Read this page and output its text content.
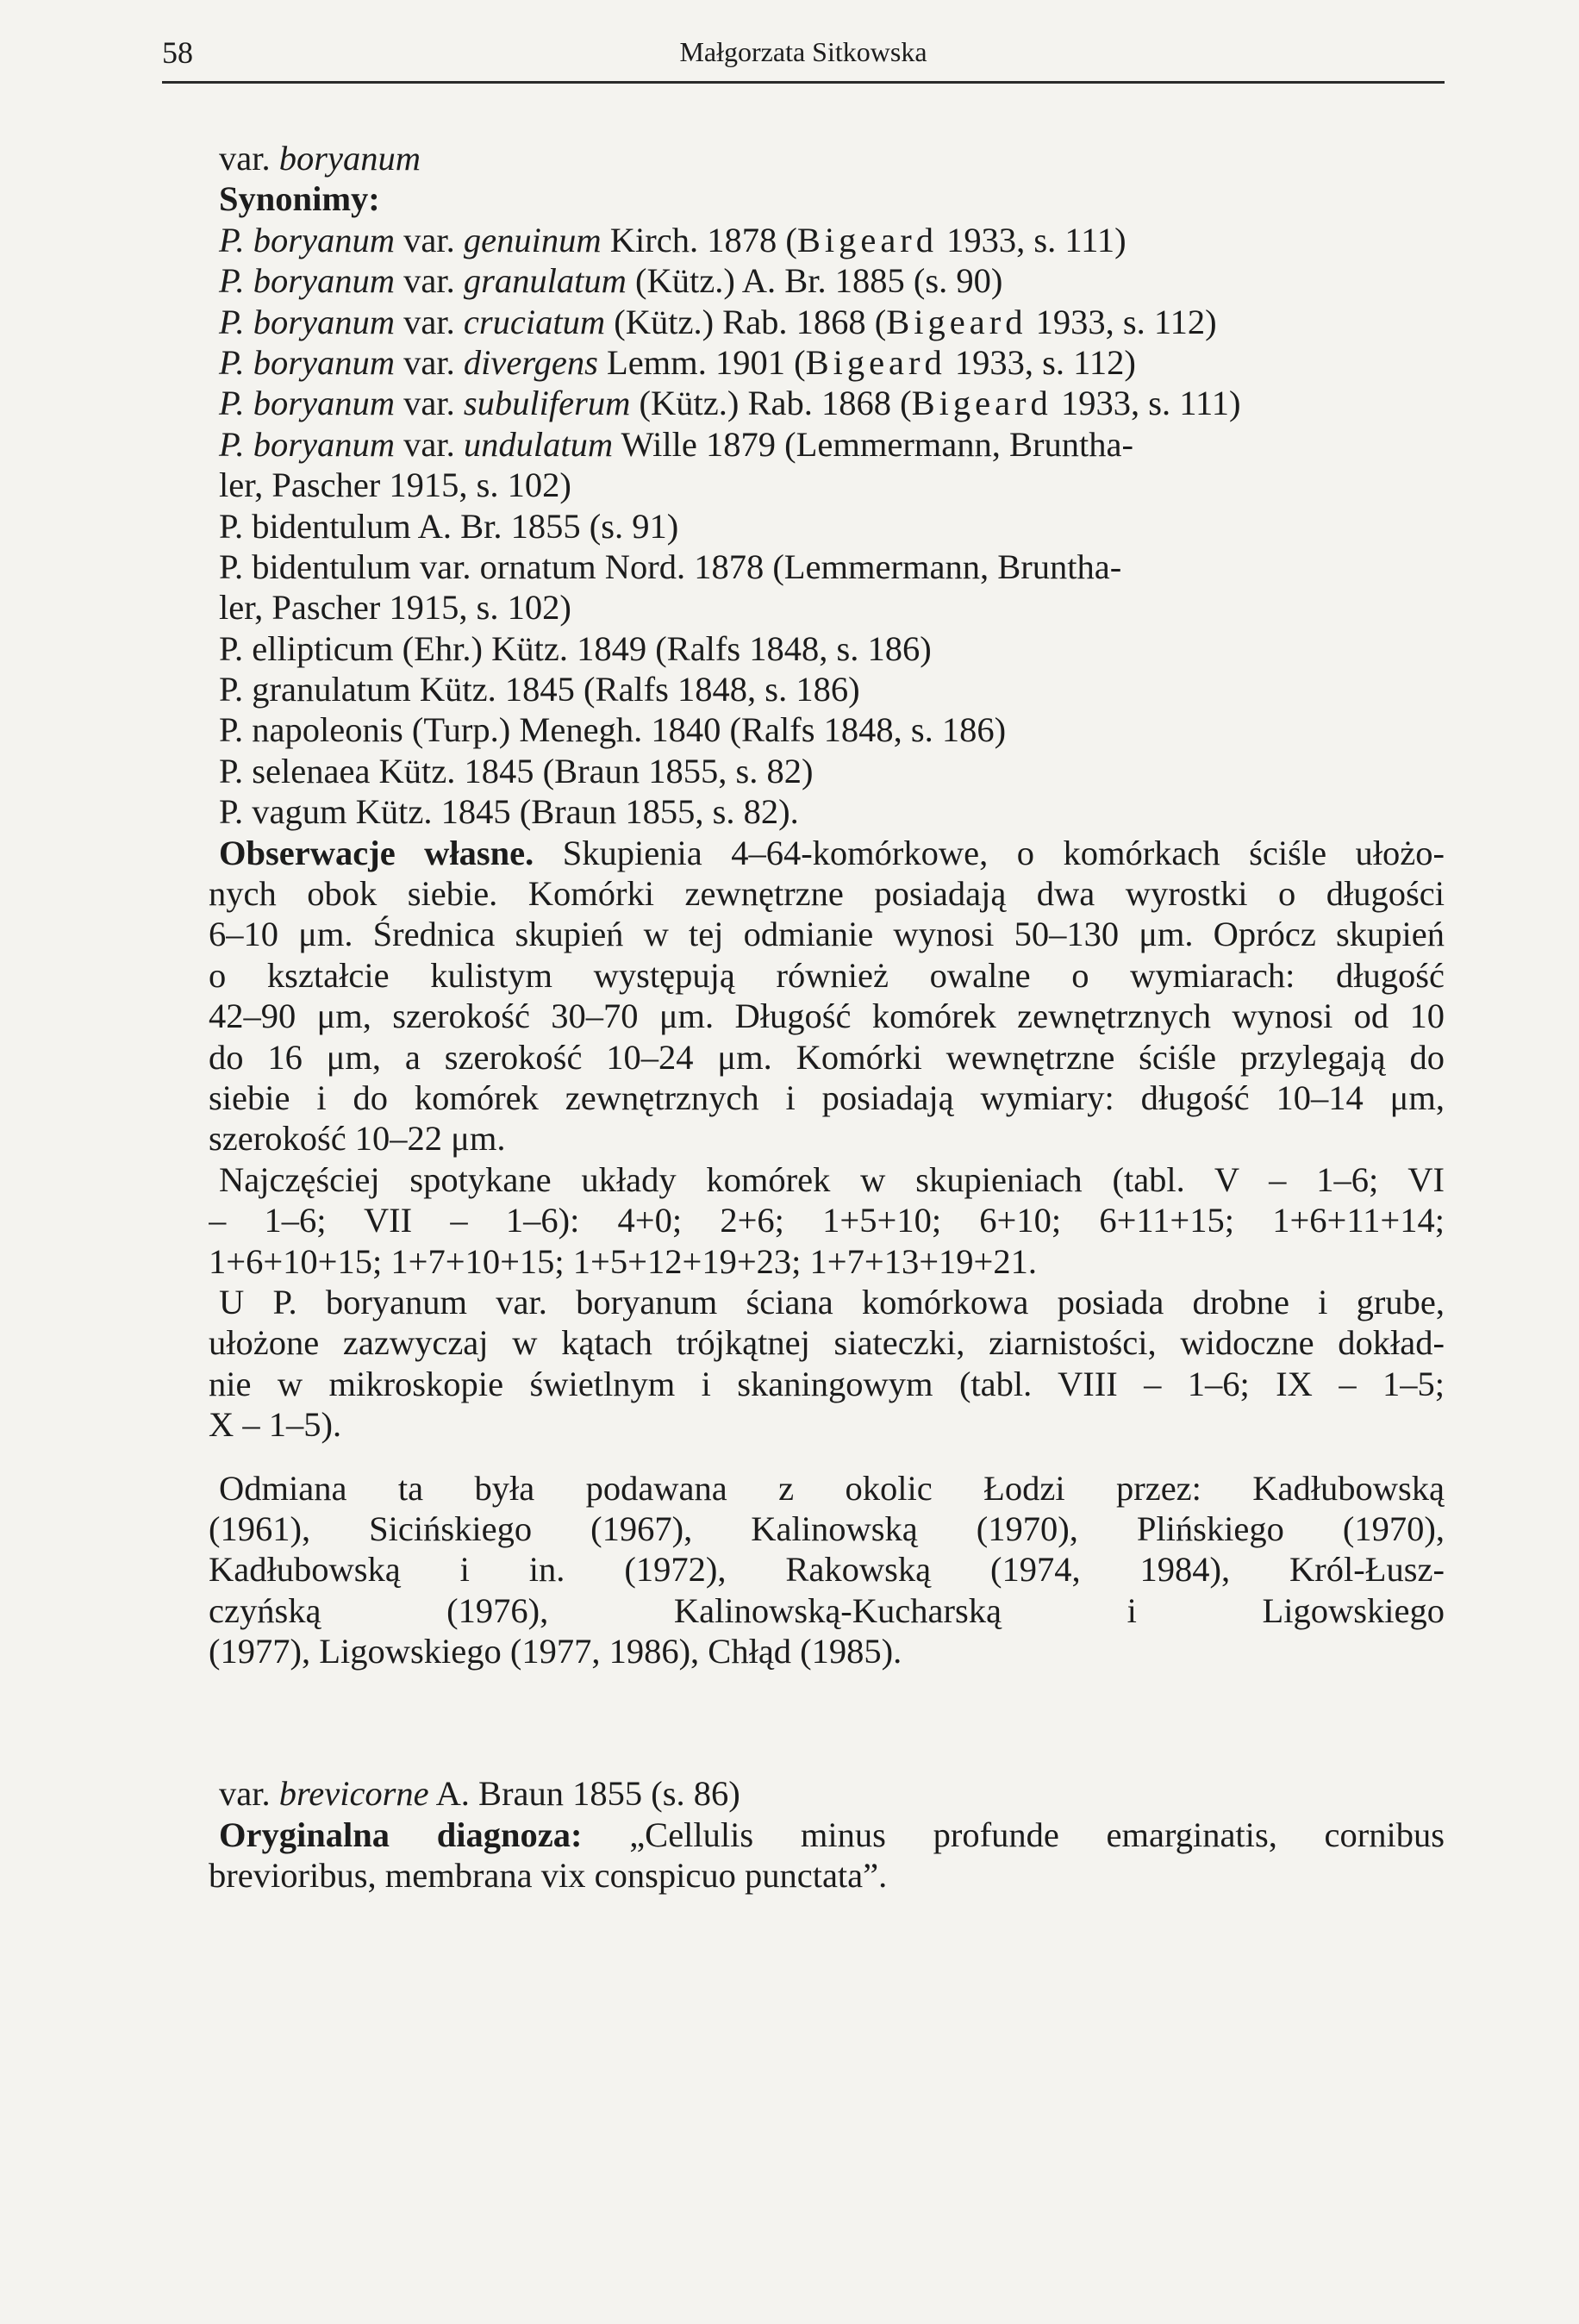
58	Małgorzata Sitkowska
var. boryanum
Synonimy:
P. boryanum var. genuinum Kirch. 1878 (Bigeard 1933, s. 111)
P. boryanum var. granulatum (Kütz.) A. Br. 1885 (s. 90)
P. boryanum var. cruciatum (Kütz.) Rab. 1868 (Bigeard 1933, s. 112)
P. boryanum var. divergens Lemm. 1901 (Bigeard 1933, s. 112)
P. boryanum var. subuliferum (Kütz.) Rab. 1868 (Bigeard 1933, s. 111)
P. boryanum var. undulatum Wille 1879 (Lemmermann, Bruntha-
ler, Pascher 1915, s. 102)
P. bidentulum A. Br. 1855 (s. 91)
P. bidentulum var. ornatum Nord. 1878 (Lemmermann, Bruntha-
ler, Pascher 1915, s. 102)
P. ellipticum (Ehr.) Kütz. 1849 (Ralfs 1848, s. 186)
P. granulatum Kütz. 1845 (Ralfs 1848, s. 186)
P. napoleonis (Turp.) Menegh. 1840 (Ralfs 1848, s. 186)
P. selenaea Kütz. 1845 (Braun 1855, s. 82)
P. vagum Kütz. 1845 (Braun 1855, s. 82).
Obserwacje własne. Skupienia 4–64-komórkowe, o komórkach ściśle ułożo-
nych obok siebie. Komórki zewnętrzne posiadają dwa wyrostki o długości
6–10 μm. Średnica skupień w tej odmianie wynosi 50–130 μm. Oprócz skupień
o kształcie kulistym występują również owalne o wymiarach: długość
42–90 μm, szerokość 30–70 μm. Długość komórek zewnętrznych wynosi od 10
do 16 μm, a szerokość 10–24 μm. Komórki wewnętrzne ściśle przylegają do
siebie i do komórek zewnętrznych i posiadają wymiary: długość 10–14 μm,
szerokość 10–22 μm.
Najczęściej spotykane układy komórek w skupieniach (tabl. V – 1–6; VI
– 1–6; VII – 1–6): 4+0; 2+6; 1+5+10; 6+10; 6+11+15; 1+6+11+14;
1+6+10+15; 1+7+10+15; 1+5+12+19+23; 1+7+13+19+21.
U P. boryanum var. boryanum ściana komórkowa posiada drobne i grube,
ułożone zazwyczaj w kątach trójkątnej siateczki, ziarnistości, widoczne dokład-
nie w mikroskopie świetlnym i skaningowym (tabl. VIII – 1–6; IX – 1–5;
X – 1–5).
Odmiana ta była podawana z okolic Łodzi przez: Kadłubowską
(1961), Sicińskiego (1967), Kalinowską (1970), Plińskiego (1970),
Kadłubowską i in. (1972), Rakowską (1974, 1984), Król-Łusz-
czyńską (1976), Kalinowską-Kucharską i Ligowskiego
(1977), Ligowskiego (1977, 1986), Chłąd (1985).
var. brevicorne A. Braun 1855 (s. 86)
Oryginalna diagnoza: „Cellulis minus profunde emarginatis, cornibus
brevioribus, membrana vix conspicuo punctata”.
